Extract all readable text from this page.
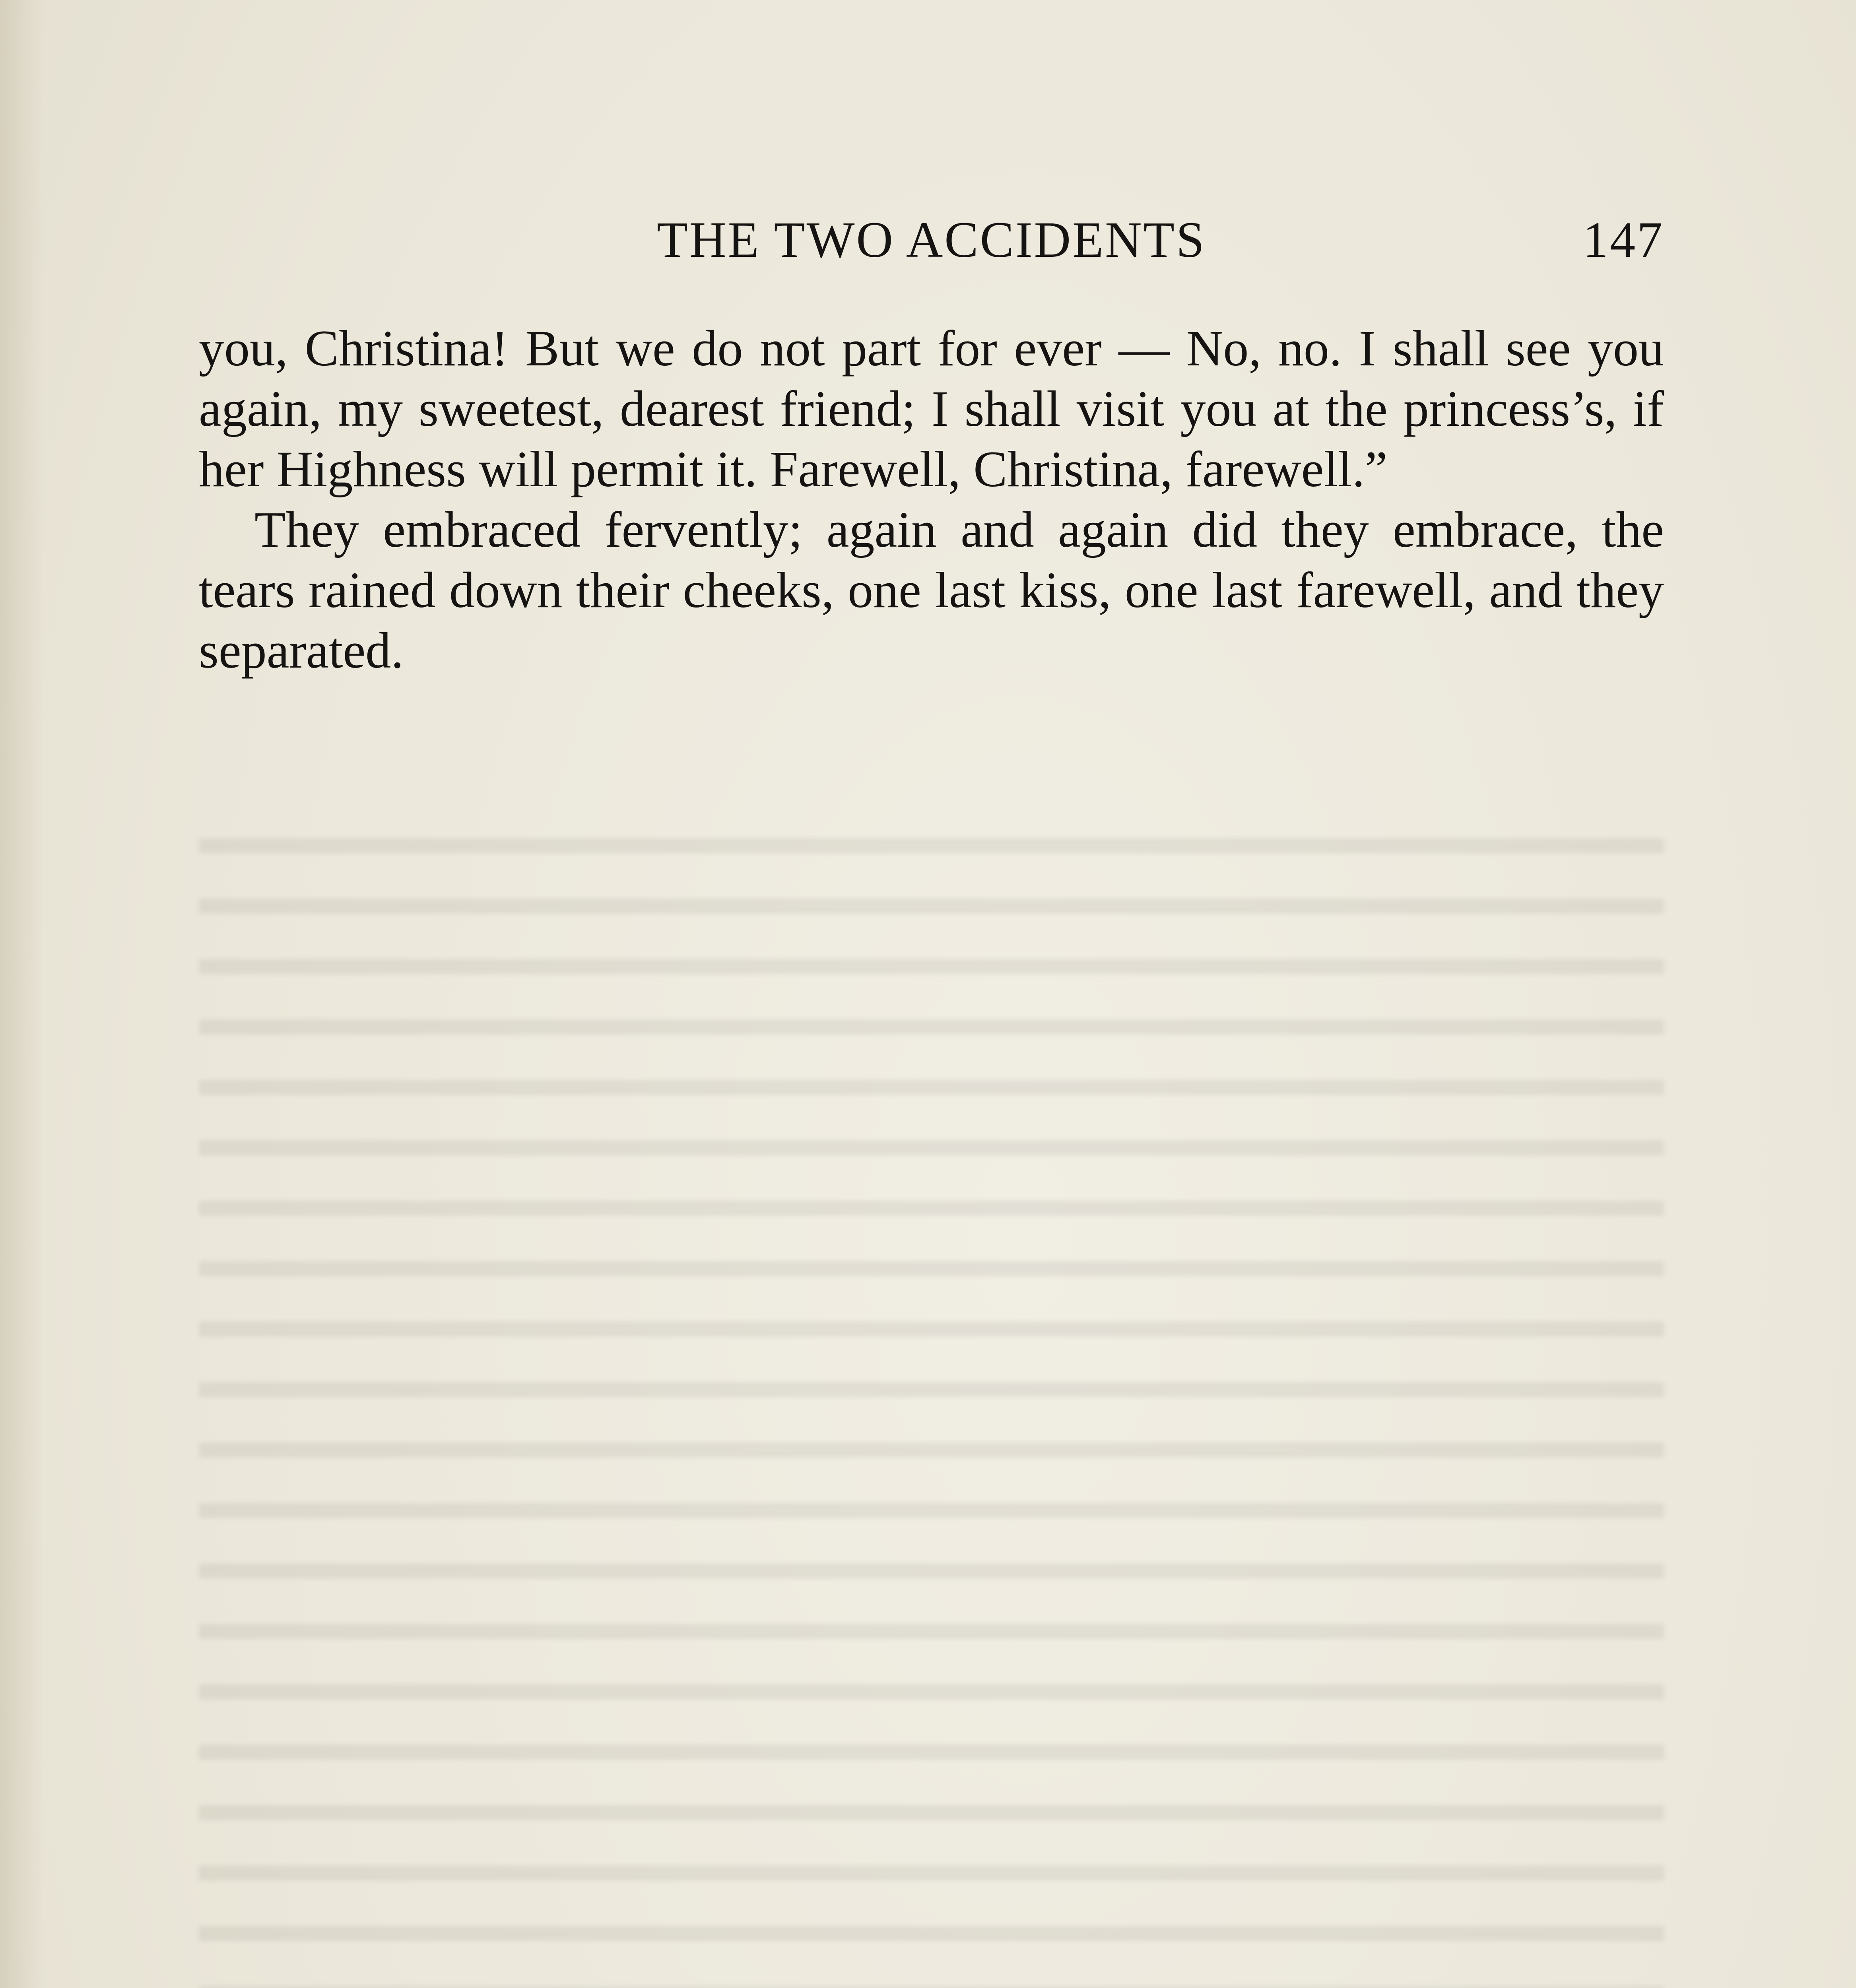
THE TWO ACCIDENTS	147

you, Christina! But we do not part for ever — No, no. I shall see you again, my sweetest, dearest friend; I shall visit you at the princess’s, if her Highness will permit it. Farewell, Christina, farewell.”

They embraced fervently; again and again did they embrace, the tears rained down their cheeks, one last kiss, one last farewell, and they separated.
